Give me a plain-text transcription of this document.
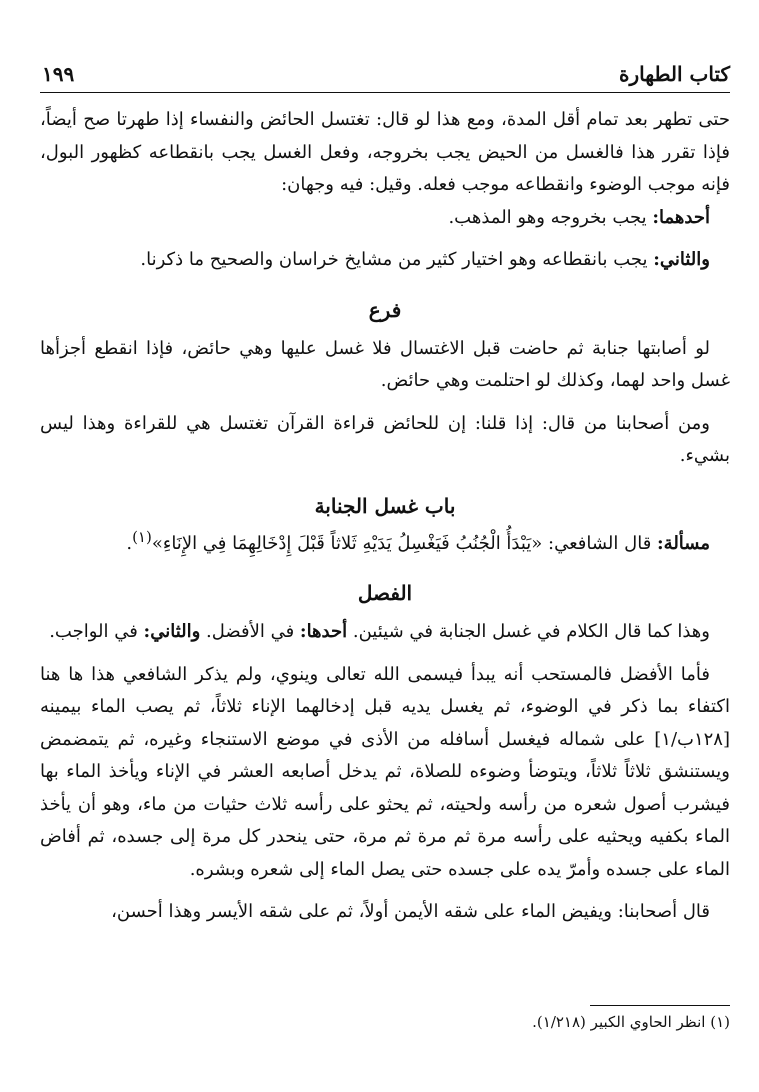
كتاب الطهارة
١٩٩

حتى تطهر بعد تمام أقل المدة، ومع هذا لو قال: تغتسل الحائض والنفساء إذا طهرتا صح أيضاً، فإذا تقرر هذا فالغسل من الحيض يجب بخروجه، وفعل الغسل يجب بانقطاعه كظهور البول، فإنه موجب الوضوء وانقطاعه موجب فعله. وقيل: فيه وجهان:

أحدهما: يجب بخروجه وهو المذهب.

والثاني: يجب بانقطاعه وهو اختيار كثير من مشايخ خراسان والصحيح ما ذكرنا.

فرع

لو أصابتها جنابة ثم حاضت قبل الاغتسال فلا غسل عليها وهي حائض، فإذا انقطع أجزأها غسل واحد لهما، وكذلك لو احتلمت وهي حائض.

ومن أصحابنا من قال: إذا قلنا: إن للحائض قراءة القرآن تغتسل هي للقراءة وهذا ليس بشيء.

باب غسل الجنابة

مسألة: قال الشافعي: «يَبْدَأُ الْجُنُبُ فَيَغْسِلُ يَدَيْهِ ثَلاثاً قَبْلَ إِدْخَالِهِمَا فِي الإِنَاءِ»$^{(١)}$.

الفصل

وهذا كما قال الكلام في غسل الجنابة في شيئين. أحدها: في الأفضل. والثاني: في الواجب.

فأما الأفضل فالمستحب أنه يبدأ فيسمى الله تعالى وينوي، ولم يذكر الشافعي هذا ها هنا اكتفاء بما ذكر في الوضوء، ثم يغسل يديه قبل إدخالهما الإناء ثلاثاً، ثم يصب الماء بيمينه [١٢٨ب/١] على شماله فيغسل أسافله من الأذى في موضع الاستنجاء وغيره، ثم يتمضمض ويستنشق ثلاثاً ثلاثاً، ويتوضأ وضوءه للصلاة، ثم يدخل أصابعه العشر في الإناء ويأخذ الماء بها فيشرب أصول شعره من رأسه ولحيته، ثم يحثو على رأسه ثلاث حثيات من ماء، وهو أن يأخذ الماء بكفيه ويحثيه على رأسه مرة ثم مرة ثم مرة، حتى ينحدر كل مرة إلى جسده، ثم أفاض الماء على جسده وأمرّ يده على جسده حتى يصل الماء إلى شعره وبشره.

قال أصحابنا: ويفيض الماء على شقه الأيمن أولاً، ثم على شقه الأيسر وهذا أحسن،

(١) انظر الحاوي الكبير (١/٢١٨).
